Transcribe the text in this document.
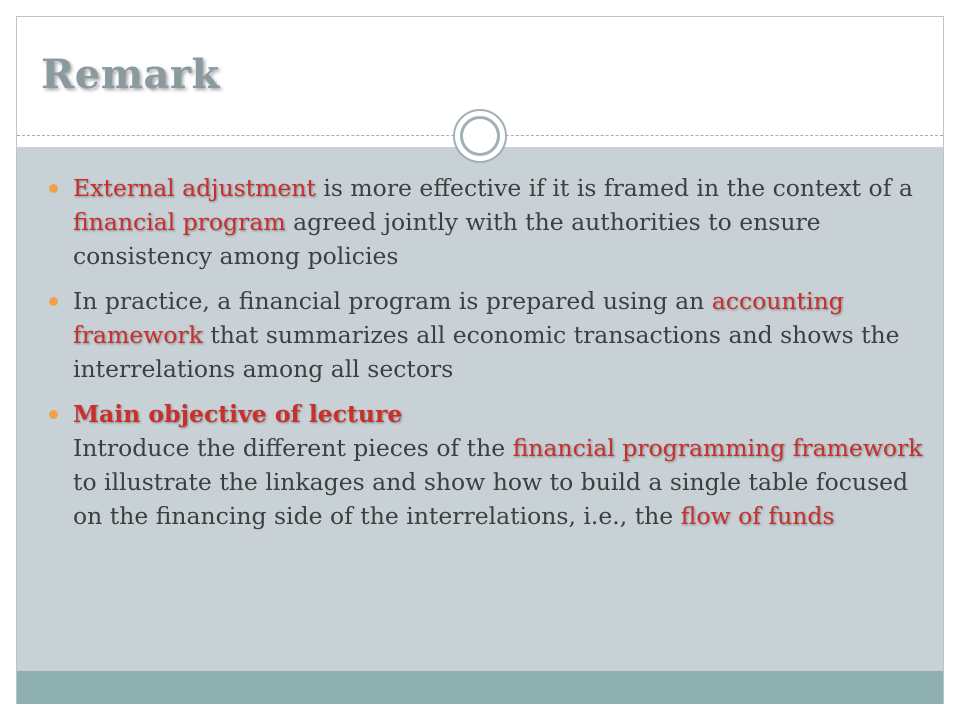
Remark
External adjustment is more effective if it is framed in the context of a financial program agreed jointly with the authorities to ensure consistency among policies
In practice, a financial program is prepared using an accounting framework that summarizes all economic transactions and shows the interrelations among all sectors
Main objective of lecture
Introduce the different pieces of the financial programming framework to illustrate the linkages and show how to build a single table focused on the financing side of the interrelations, i.e., the flow of funds
